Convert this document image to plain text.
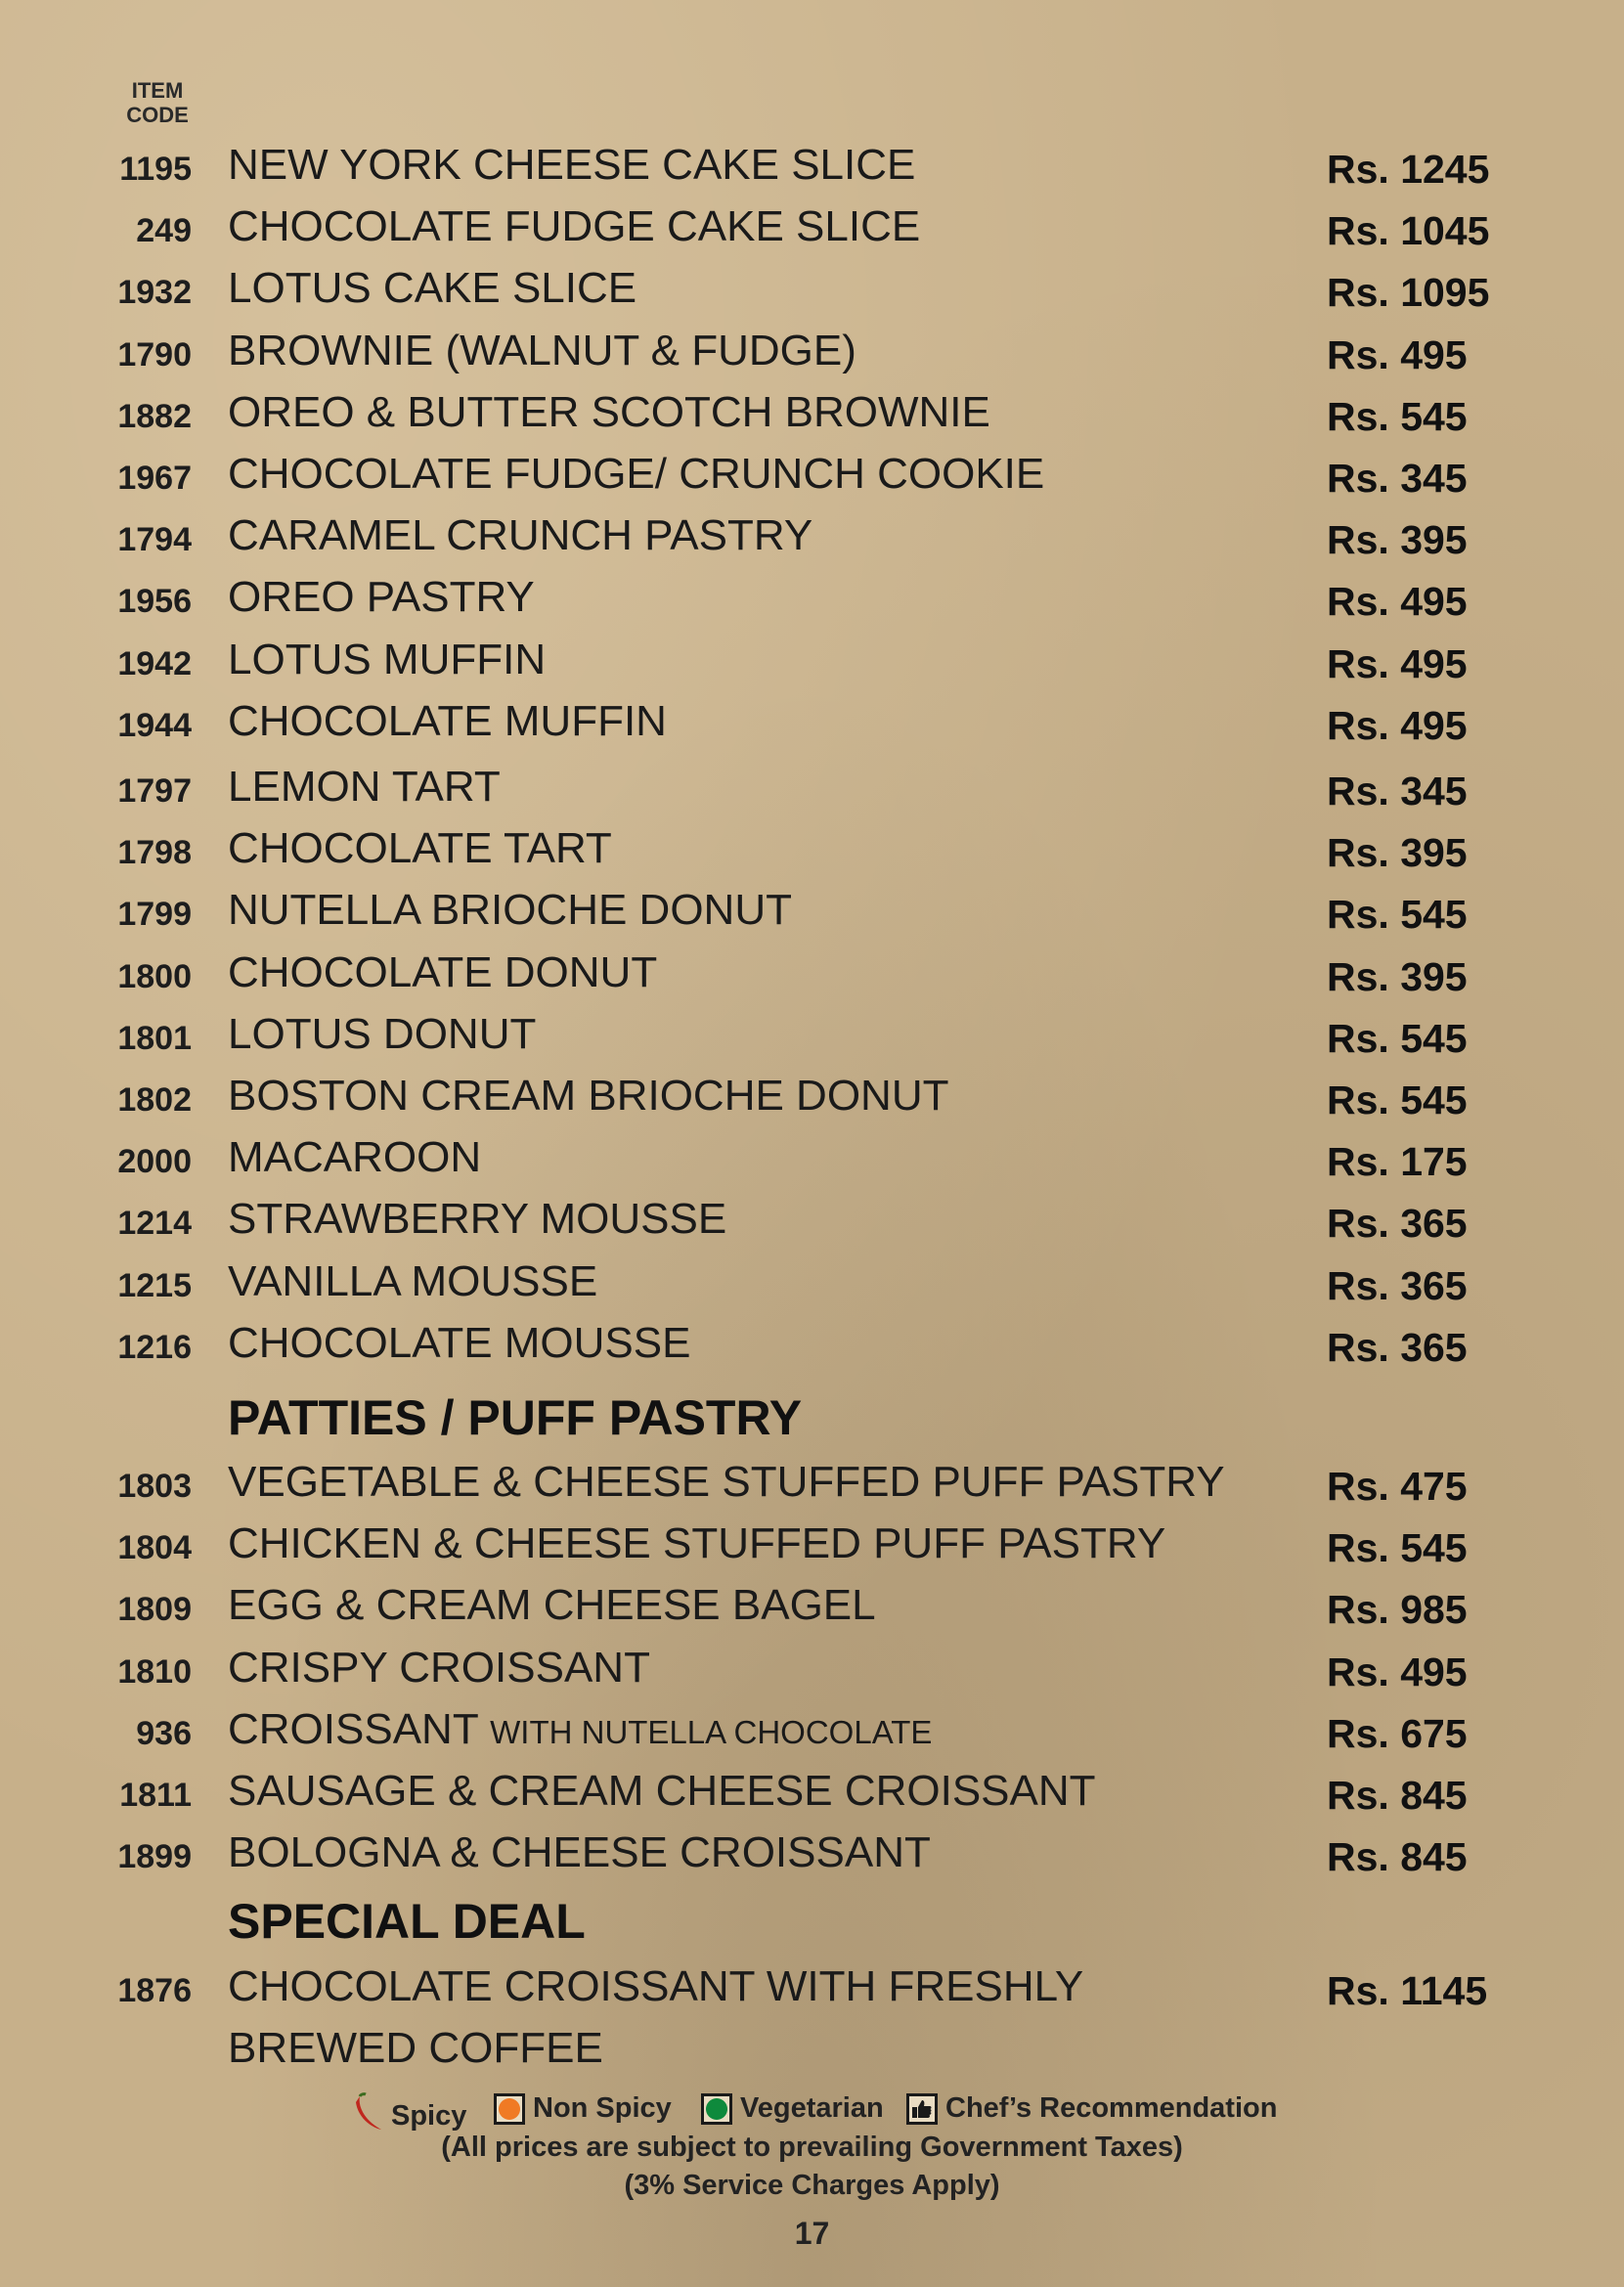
ITEM
CODE
1195 NEW YORK CHEESE CAKE SLICE	Rs. 1245
249 CHOCOLATE FUDGE CAKE SLICE	Rs. 1045
1932 LOTUS CAKE SLICE	Rs. 1095
1790 BROWNIE (WALNUT & FUDGE)	Rs. 495
1882 OREO & BUTTER SCOTCH BROWNIE	Rs. 545
1967 CHOCOLATE FUDGE/ CRUNCH COOKIE	Rs. 345
1794 CARAMEL CRUNCH PASTRY	Rs. 395
1956 OREO PASTRY	Rs. 495
1942 LOTUS MUFFIN	Rs. 495
1944 CHOCOLATE MUFFIN	Rs. 495
1797 LEMON TART	Rs. 345
1798 CHOCOLATE TART	Rs. 395
1799 NUTELLA BRIOCHE DONUT	Rs. 545
1800 CHOCOLATE DONUT	Rs. 395
1801 LOTUS DONUT	Rs. 545
1802 BOSTON CREAM BRIOCHE DONUT	Rs. 545
2000 MACAROON	Rs. 175
1214 STRAWBERRY MOUSSE	Rs. 365
1215 VANILLA MOUSSE	Rs. 365
1216 CHOCOLATE MOUSSE	Rs. 365
PATTIES / PUFF PASTRY
1803 VEGETABLE & CHEESE STUFFED PUFF PASTRY	Rs. 475
1804 CHICKEN & CHEESE STUFFED PUFF PASTRY	Rs. 545
1809 EGG & CREAM CHEESE BAGEL	Rs. 985
1810 CRISPY CROISSANT	Rs. 495
936 CROISSANT WITH NUTELLA CHOCOLATE	Rs. 675
1811 SAUSAGE & CREAM CHEESE CROISSANT	Rs. 845
1899 BOLOGNA & CHEESE CROISSANT	Rs. 845
SPECIAL DEAL
1876 CHOCOLATE CROISSANT WITH FRESHLY	Rs. 1145
BREWED COFFEE
Spicy Non Spicy Vegetarian Chef’s Recommendation
(All prices are subject to prevailing Government Taxes)
(3% Service Charges Apply)
17
